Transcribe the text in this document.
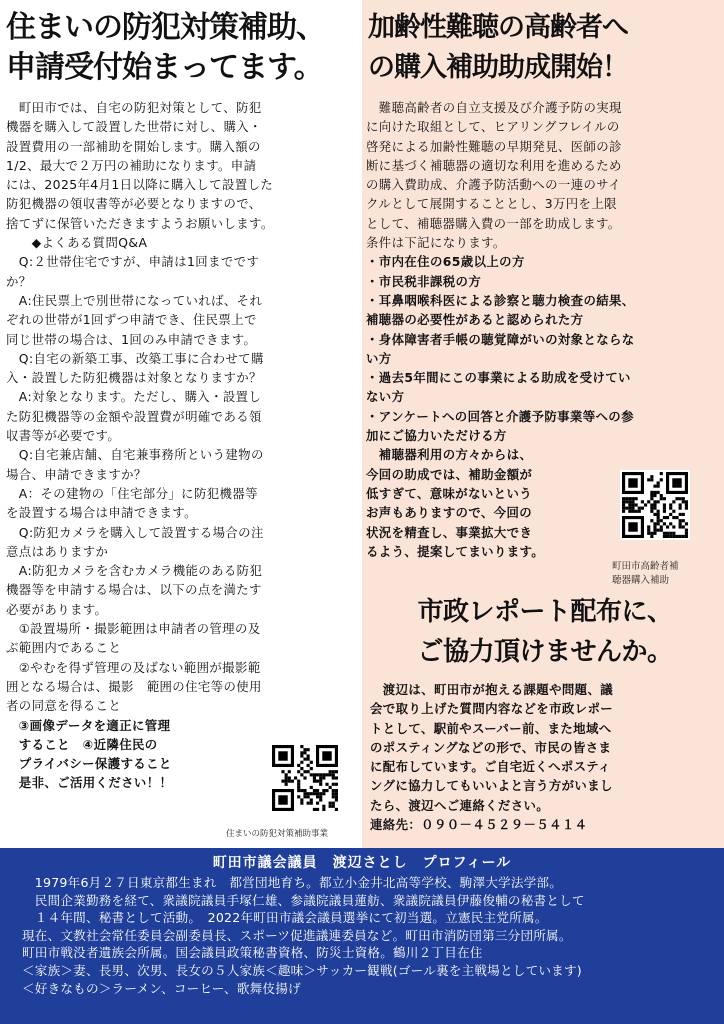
住まいの防犯対策補助、
申請受付始まってます。
　町田市では、自宅の防犯対策として、防犯
機器を購入して設置した世帯に対し、購入・
設置費用の一部補助を開始します。購入額の
1/2、最大で２万円の補助になります。申請
には、2025年4月1日以降に購入して設置した
防犯機器の領収書等が必要となりますので、
捨てずに保管いただきますようお願いします。
　　◆よくある質問Q&A
　Q:２世帯住宅ですが、申請は1回までです
か？
　A:住民票上で別世帯になっていれば、それ
ぞれの世帯が1回ずつ申請でき、住民票上で
同じ世帯の場合は、1回のみ申請できます。
　Q:自宅の新築工事、改築工事に合わせて購
入・設置した防犯機器は対象となりますか？
　A:対象となります。ただし、購入・設置し
た防犯機器等の金額や設置費が明確である領
収書等が必要です。
　Q:自宅兼店舗、自宅兼事務所という建物の
場合、申請できますか？
　A：その建物の「住宅部分」に防犯機器等
を設置する場合は申請できます。
　Q:防犯カメラを購入して設置する場合の注
意点はありますか
　A:防犯カメラを含むカメラ機能のある防犯
機器等を申請する場合は、以下の点を満たす
必要があります。
　①設置場所・撮影範囲は申請者の管理の及
ぶ範囲内であること
　②やむを得ず管理の及ばない範囲が撮影範
囲となる場合は、撮影　範囲の住宅等の使用
者の同意を得ること
　③画像データを適正に管理
　すること　④近隣住民の
　プライバシー保護すること
　是非、ご活用ください！！
住まいの防犯対策補助事業
加齢性難聴の高齢者へ
の購入補助助成開始！
　難聴高齢者の自立支援及び介護予防の実現
に向けた取組として、ヒアリングフレイルの
啓発による加齢性難聴の早期発見、医師の診
断に基づく補聴器の適切な利用を進めるため
の購入費助成、介護予防活動への一連のサイ
クルとして展開することとし、3万円を上限
として、補聴器購入費の一部を助成します。
条件は下記になります。
・市内在住の65歳以上の方
・市民税非課税の方
・耳鼻咽喉科医による診察と聴力検査の結果、
補聴器の必要性があると認められた方
・身体障害者手帳の聴覚障がいの対象とならな
い方
・過去5年間にこの事業による助成を受けてい
ない方
・アンケートへの回答と介護予防事業等への参
加にご協力いただける方
　補聴器利用の方々からは、
今回の助成では、補助金額が
低すぎて、意味がないという
お声もありますので、今回の
状況を精査し、事業拡大でき
るよう、提案してまいります。
町田市高齢者補
聴器購入補助
市政レポート配布に、
ご協力頂けませんか。
　渡辺は、町田市が抱える課題や問題、議
会で取り上げた質問内容などを市政レポー
トとして、駅前やスーパー前、また地域へ
のポスティングなどの形で、市民の皆さま
に配布しています。ご自宅近くへポスティ
ングに協力してもいいよと言う方がいまし
たら、渡辺へご連絡ください。
連絡先：０９０－４５２９－５４１４
町田市議会議員　渡辺さとし　プロフィール
　1979年6月２７日東京都生まれ　都営団地育ち。都立小金井北高等学校、駒澤大学法学部。
　民間企業勤務を経て、衆議院議員手塚仁雄、参議院議員蓮舫、衆議院議員伊藤俊輔の秘書として
　１４年間、秘書として活動。　2022年町田市議会議員選挙にて初当選。立憲民主党所属。
現在、文教社会常任委員会副委員長、スポーツ促進議連委員など。町田市消防団第三分団所属。
町田市戦没者遺族会所属。国会議員政策秘書資格、防災士資格。鶴川２丁目在住
＜家族＞妻、長男、次男、長女の５人家族＜趣味＞サッカー観戦(ゴール裏を主戦場としています)
＜好きなもの＞ラーメン、コーヒー、歌舞伎揚げ
